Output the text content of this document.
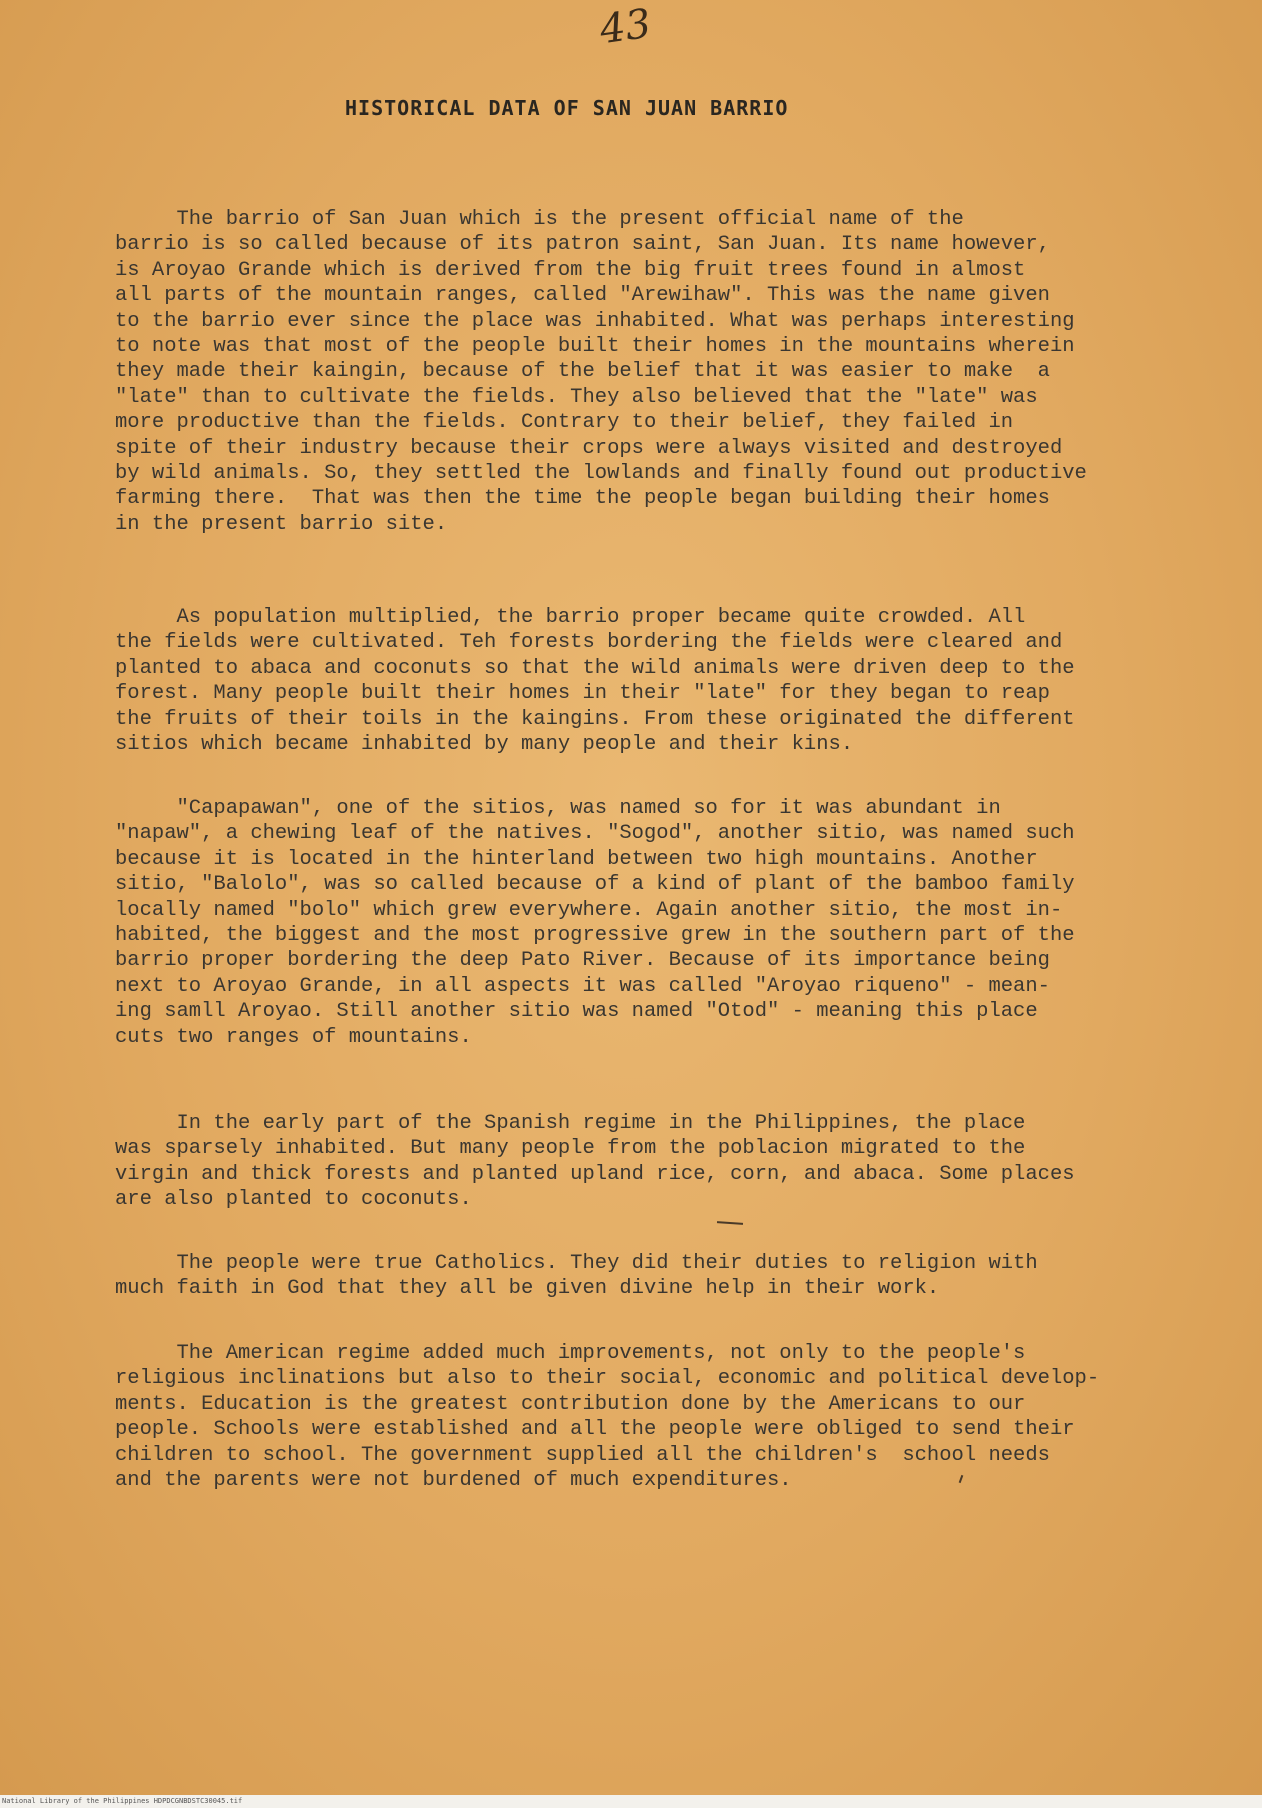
43
HISTORICAL DATA OF SAN JUAN BARRIO
The barrio of San Juan which is the present official name of the
barrio is so called because of its patron saint, San Juan. Its name however,
is Aroyao Grande which is derived from the big fruit trees found in almost
all parts of the mountain ranges, called "Arewihaw". This was the name given
to the barrio ever since the place was inhabited. What was perhaps interesting
to note was that most of the people built their homes in the mountains wherein
they made their kaingin, because of the belief that it was easier to make  a
"late" than to cultivate the fields. They also believed that the "late" was
more productive than the fields. Contrary to their belief, they failed in
spite of their industry because their crops were always visited and destroyed
by wild animals. So, they settled the lowlands and finally found out productive
farming there.  That was then the time the people began building their homes
in the present barrio site.
As population multiplied, the barrio proper became quite crowded. All
the fields were cultivated. Teh forests bordering the fields were cleared and
planted to abaca and coconuts so that the wild animals were driven deep to the
forest. Many people built their homes in their "late" for they began to reap
the fruits of their toils in the kaingins. From these originated the different
sitios which became inhabited by many people and their kins.
"Capapawan", one of the sitios, was named so for it was abundant in
"napaw", a chewing leaf of the natives. "Sogod", another sitio, was named such
because it is located in the hinterland between two high mountains. Another
sitio, "Balolo", was so called because of a kind of plant of the bamboo family
locally named "bolo" which grew everywhere. Again another sitio, the most in-
habited, the biggest and the most progressive grew in the southern part of the
barrio proper bordering the deep Pato River. Because of its importance being
next to Aroyao Grande, in all aspects it was called "Aroyao riqueno" - mean-
ing samll Aroyao. Still another sitio was named "Otod" - meaning this place
cuts two ranges of mountains.
In the early part of the Spanish regime in the Philippines, the place
was sparsely inhabited. But many people from the poblacion migrated to the
virgin and thick forests and planted upland rice, corn, and abaca. Some places
are also planted to coconuts.
The people were true Catholics. They did their duties to religion with
much faith in God that they all be given divine help in their work.
The American regime added much improvements, not only to the people's
religious inclinations but also to their social, economic and political develop-
ments. Education is the greatest contribution done by the Americans to our
people. Schools were established and all the people were obliged to send their
children to school. The government supplied all the children's  school needs
and the parents were not burdened of much expenditures.
National Library of the Philippines HDPDCGNBDSTC30045.tif
